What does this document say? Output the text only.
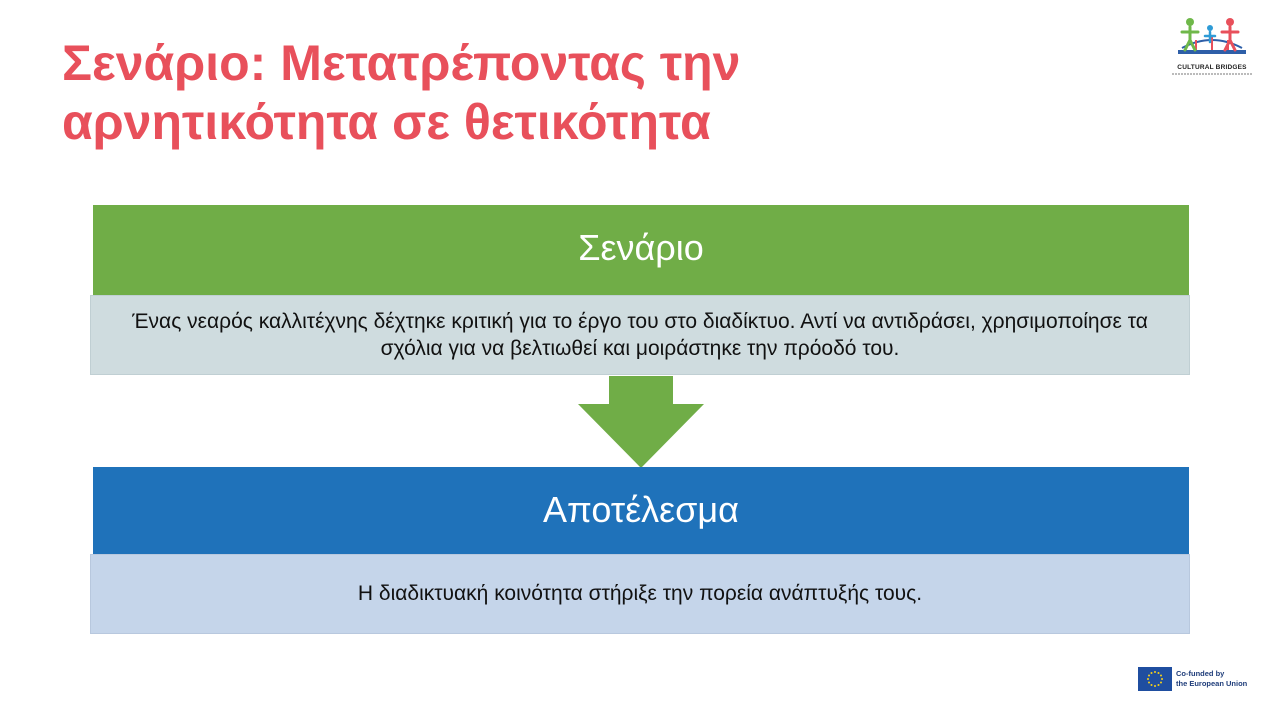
Σενάριο: Μετατρέποντας την αρνητικότητα σε θετικότητα
CULTURAL BRIDGES
Σενάριο
Ένας νεαρός καλλιτέχνης δέχτηκε κριτική για το έργο του στο διαδίκτυο. Αντί να αντιδράσει, χρησιμοποίησε τα σχόλια για να βελτιωθεί και μοιράστηκε την πρόοδό του.
Αποτέλεσμα
Η διαδικτυακή κοινότητα στήριξε την πορεία ανάπτυξής τους.
Co-funded by
the European Union
